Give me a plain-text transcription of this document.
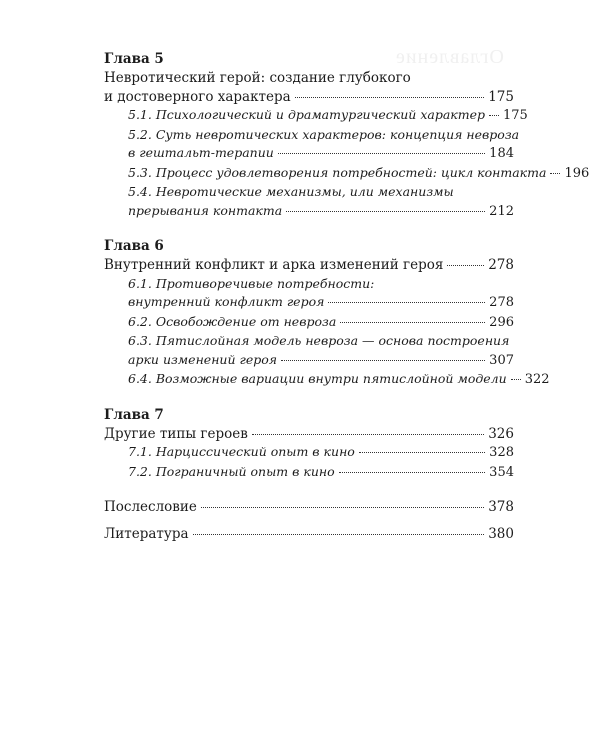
Оглавление
Глава 5
Невротический герой: создание глубокого
и достоверного характера	175
5.1. Психологический и драматургический характер 175
5.2. Суть невротических характеров: концепция невроза
в гештальт-терапии	184
5.3. Процесс удовлетворения потребностей: цикл контакта 196
5.4. Невротические механизмы, или механизмы
прерывания контакта	212
Глава 6
Внутренний конфликт и арка изменений героя	278
6.1. Противоречивые потребности:
внутренний конфликт героя	278
6.2. Освобождение от невроза	296
6.3. Пятислойная модель невроза — основа построения
арки изменений героя	307
6.4. Возможные вариации внутри пятислойной модели 322
Глава 7
Другие типы героев	326
7.1. Нарциссический опыт в кино	328
7.2. Пограничный опыт в кино	354
Послесловие	378
Литература	380
